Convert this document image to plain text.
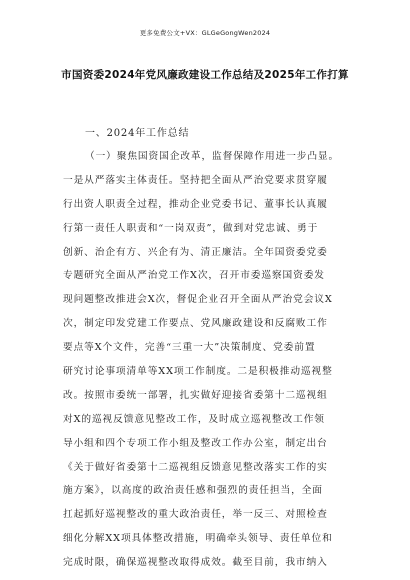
更多免费公文+VX：GLGeGongWen2024
市国资委2024年党风廉政建设工作总结及2025年工作打算
一、2024年工作总结
（一）聚焦国资国企改革，监督保障作用进一步凸显。
一是从严落实主体责任。坚持把全面从严治党要求贯穿履
行出资人职责全过程，推动企业党委书记、董事长认真履
行第一责任人职责和“一岗双责”，做到对党忠诚、勇于
创新、治企有方、兴企有为、清正廉洁。全年国资委党委
专题研究全面从严治党工作X次，召开市委巡察国资委发
现问题整改推进会X次，督促企业召开全面从严治党会议X
次，制定印发党建工作要点、党风廉政建设和反腐败工作
要点等X个文件，完善“三重一大”决策制度、党委前置
研究讨论事项清单等XX项工作制度。二是积极推动巡视整
改。按照市委统一部署，扎实做好迎接省委第十二巡视组
对X的巡视反馈意见整改工作，及时成立巡视整改工作领
导小组和四个专项工作小组及整改工作办公室，制定出台
《关于做好省委第十二巡视组反馈意见整改落实工作的实
施方案》，以高度的政治责任感和强烈的责任担当，全面
扛起抓好巡视整改的重大政治责任，举一反三、对照检查
细化分解XX项具体整改措施，明确牵头领导、责任单位和
完成时限，确保巡视整改取得成效。截至目前，我市纳入
